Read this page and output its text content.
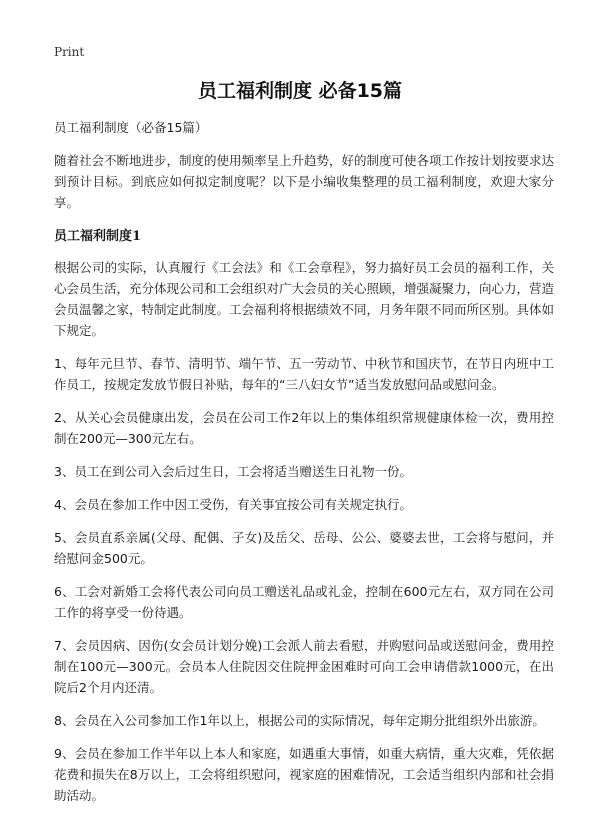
Print
员工福利制度 必备15篇

员工福利制度（必备15篇）

随着社会不断地进步，制度的使用频率呈上升趋势，好的制度可使各项工作按计划按要求达到预计目标。到底应如何拟定制度呢？以下是小编收集整理的员工福利制度，欢迎大家分享。

员工福利制度1

根据公司的实际，认真履行《工会法》和《工会章程》，努力搞好员工会员的福利工作，关心会员生活，充分体现公司和工会组织对广大会员的关心照顾，增强凝聚力，向心力，营造会员温馨之家，特制定此制度。工会福利将根据绩效不同，月务年限不同而所区别。具体如下规定。

1、每年元旦节、春节、清明节、端午节、五一劳动节、中秋节和国庆节，在节日内班中工作员工，按规定发放节假日补贴，每年的“三八妇女节”适当发放慰问品或慰问金。

2、从关心会员健康出发，会员在公司工作2年以上的集体组织常规健康体检一次，费用控制在200元—300元左右。

3、员工在到公司入会后过生日，工会将适当赠送生日礼物一份。

4、会员在参加工作中因工受伤，有关事宜按公司有关规定执行。

5、会员直系亲属(父母、配偶、子女)及岳父、岳母、公公、婆婆去世，工会将与慰问，并给慰问金500元。

6、工会对新婚工会将代表公司向员工赠送礼品或礼金，控制在600元左右，双方同在公司工作的将享受一份待遇。

7、会员因病、因伤(女会员计划分娩)工会派人前去看慰，并购慰问品或送慰问金，费用控制在100元—300元。会员本人住院因交住院押金困难时可向工会申请借款1000元，在出院后2个月内还清。

8、会员在入公司参加工作1年以上，根据公司的实际情况，每年定期分批组织外出旅游。

9、会员在参加工作半年以上本人和家庭，如遇重大事情，如重大病情，重大灾难，凭依据花费和损失在8万以上，工会将组织慰问，视家庭的困难情况，工会适当组织内部和社会捐助活动。
